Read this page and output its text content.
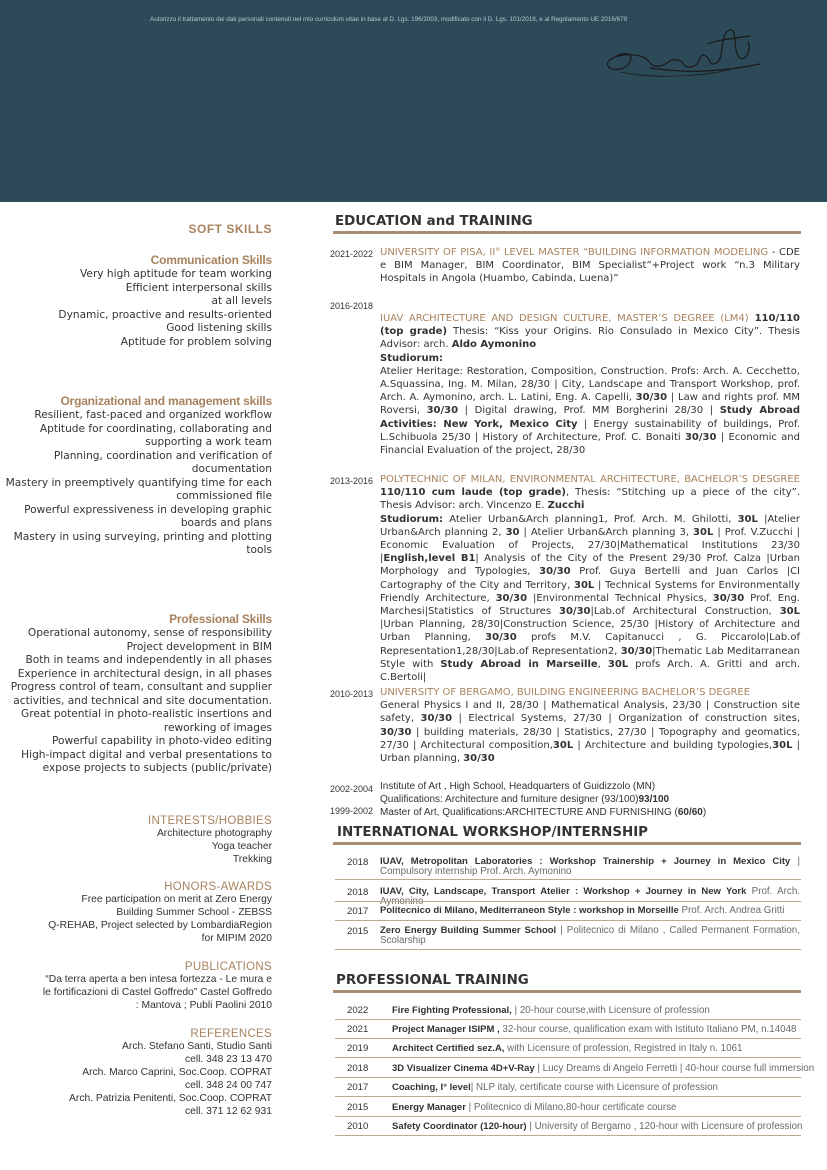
Autorizzo il trattamento dei dati personali contenuti nel mio curriculum vitae in base al D. Lgs. 196/2003, modificato con il D. Lgs. 101/2018, e al Regolamento UE 2016/679
SOFT SKILLS
Communication Skills
Very high aptitude for team working
Efficient interpersonal skills
at all levels
Dynamic, proactive and results-oriented
Good listening skills
Aptitude for problem solving
Organizational and management skills
Resilient, fast-paced and organized workflow
Aptitude for coordinating, collaborating and
supporting a work team
Planning, coordination and verification of
documentation
Mastery in preemptively quantifying time for each
commissioned file
Powerful expressiveness in developing graphic
boards and plans
Mastery in using surveying, printing and plotting
tools
Professional Skills
Operational autonomy, sense of responsibility
Project development in BIM
Both in teams and independently in all phases
Experience in architectural design, in all phases
Progress control of team, consultant and supplier
activities, and technical and site documentation.
Great potential in photo-realistic insertions and
reworking of images
Powerful capability in photo-video editing
High-impact digital and verbal presentations to
expose projects to subjects (public/private)
INTERESTS/HOBBIES
Architecture photography
Yoga teacher
Trekking
HONORS-AWARDS
Free participation on merit at Zero Energy
Building Summer School - ZEBSS
Q-REHAB, Project selected by LombardiaRegion
for MIPIM 2020
PUBLICATIONS
“Da terra aperta a ben intesa fortezza - Le mura e
le fortificazioni di Castel Goffredo” Castel Goffredo
: Mantova ; Publi Paolini 2010
REFERENCES
Arch. Stefano Santi, Studio Santi
cell. 348 23 13 470
Arch. Marco Caprini, Soc.Coop. COPRAT
cell. 348 24 00 747
Arch. Patrizia Penitenti, Soc.Coop. COPRAT
cell. 371 12 62 931
EDUCATION and TRAINING
2021-2022 UNIVERSITY OF PISA, II° LEVEL MASTER “BUILDING INFORMATION MODELING - CDE e BIM Manager, BIM Coordinator, BIM Specialist”+Project work “n.3 Military Hospitals in Angola (Huambo, Cabinda, Luena)”
2016-2018
IUAV ARCHITECTURE AND DESIGN CULTURE, MASTER’S DEGREE (LM4) 110/110 (top grade) Thesis: “Kiss your Origins. Rio Consulado in Mexico City”. Thesis Advisor: arch. Aldo Aymonino
Studiorum:
Atelier Heritage: Restoration, Composition, Construction. Profs: Arch. A. Cecchetto, A.Squassina, Ing. M. Milan, 28/30 | City, Landscape and Transport Workshop, prof. Arch. A. Aymonino, arch. L. Latini, Eng. A. Capelli, 30/30 | Law and rights prof. MM Roversi, 30/30 | Digital drawing, Prof. MM Borgherini 28/30 | Study Abroad Activities: New York, Mexico City | Energy sustainability of buildings, Prof. L.Schibuola 25/30 | History of Architecture, Prof. C. Bonaiti 30/30 | Economic and Financial Evaluation of the project, 28/30
2013-2016 POLYTECHNIC OF MILAN, ENVIRONMENTAL ARCHITECTURE, BACHELOR’S DESGREE 110/110 cum laude (top grade), Thesis: “Stitching up a piece of the city”. Thesis Advisor: arch. Vincenzo E. Zucchi
Studiorum: Atelier Urban&Arch planning1, Prof. Arch. M. Ghilotti, 30L |Atelier Urban&Arch planning 2, 30 | Atelier Urban&Arch planning 3, 30L | Prof. V.Zucchi | Economic Evaluation of Projects, 27/30|Mathematical Institutions 23/30 |English,level B1| Analysis of the City of the Present 29/30 Prof. Calza |Urban Morphology and Typologies, 30/30 Prof. Guya Bertelli and Juan Carlos |CI Cartography of the City and Territory, 30L | Technical Systems for Environmentally Friendly Architecture, 30/30 |Environmental Technical Physics, 30/30 Prof. Eng. Marchesi|Statistics of Structures 30/30|Lab.of Architectural Construction, 30L |Urban Planning, 28/30|Construction Science, 25/30 |History of Architecture and Urban Planning, 30/30 profs M.V. Capitanucci , G. Piccarolo|Lab.of Representation1,28/30|Lab.of Representation2, 30/30|Thematic Lab Meditarranean Style with Study Abroad in Marseille, 30L profs Arch. A. Gritti and arch. C.Bertoli|
2010-2013 UNIVERSITY OF BERGAMO, BUILDING ENGINEERING BACHELOR’S DEGREE
General Physics I and II, 28/30 | Mathematical Analysis, 23/30 | Construction site safety, 30/30 | Electrical Systems, 27/30 | Organization of construction sites, 30/30 | building materials, 28/30 | Statistics, 27/30 | Topography and geomatics, 27/30 | Architectural composition,30L | Architecture and building typologies,30L | Urban planning, 30/30
2002-2004 Institute of Art , High School, Headquarters of Guidizzolo (MN)
Qualifications: Architecture and furniture designer (93/100)93/100
1999-2002 Master of Art, Qualifications:ARCHITECTURE AND FURNISHING (60/60)
INTERNATIONAL WORKSHOP/INTERNSHIP
2018 IUAV, Metropolitan Laboratories : Workshop Trainership + Journey in Mexico City | Compulsory internship Prof. Arch. Aymonino
2018 IUAV, City, Landscape, Transport Atelier : Workshop + Journey in New York Prof. Arch.
2017 Politecnico di Milano, Mediterraneon Style : workshop in Morseille Prof. Arch. Andrea Gritti
2015 Zero Energy Building Summer School | Politecnico di Milano , Called Permanent Formation, Scolarship
PROFESSIONAL TRAINING
2022 Fire Fighting Professional, | 20-hour course,with Licensure of profession
2021 Project Manager ISIPM , 32-hour course, qualification exam with Istituto Italiano PM, n.14048
2019 Architect Certified sez.A, with Licensure of profession, Registred in Italy n. 1061
2018 3D Visualizer Cinema 4D+V-Ray | Lucy Dreams di Angelo Ferretti | 40-hour course full immersion
2017 Coaching, I° level| NLP italy, certificate course with Licensure of profession
2015 Energy Manager | Politecnico di Milano,80-hour certificate course
2010 Safety Coordinator (120-hour) | University of Bergamo , 120-hour with Licensure of profession
